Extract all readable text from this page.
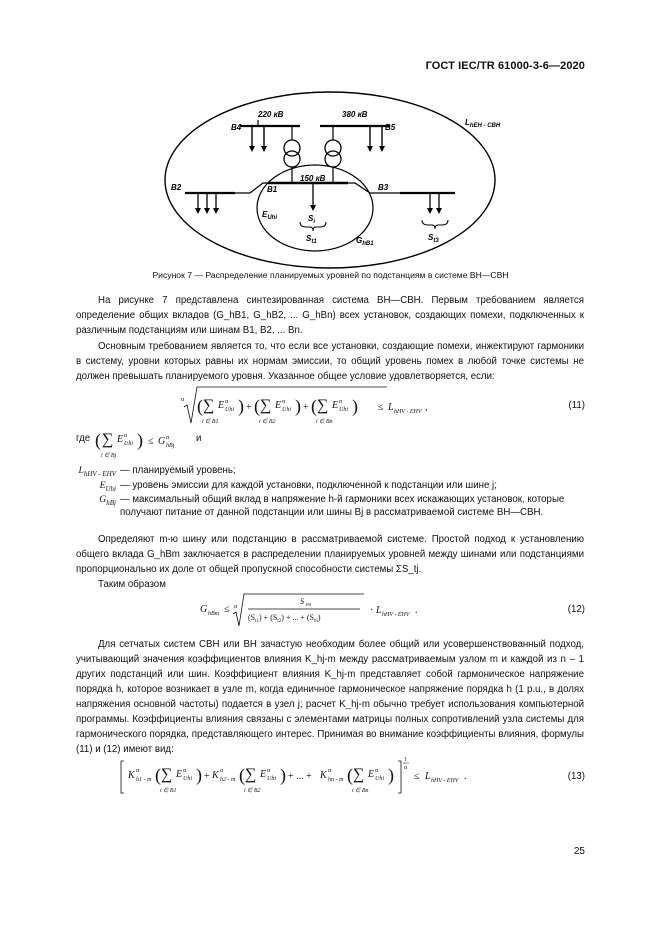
ГОСТ IEC/TR 61000-3-6—2020
220 кВ	380 кВ
B4	B5
B2	B1
150 кВ
B3
$L_{hEH - СВН}$
$E_{Uhi}$	$S_i$
$S_{t1}$	$G_{hB1}$
$S_{t3}$
Рисунок 7 — Распределение планируемых уровней по подстанциям в системе ВН—СВН
На рисунке 7 представлена синтезированная система ВН—СВН. Первым требованием является определение общих вкладов (G_hB1, G_hB2, ... G_hBn) всех установок, создающих помехи, подключенных к различным подстанциям или шинам B1, B2, ... Bn.
Основным требованием является то, что если все установки, создающие помехи, инжектируют гармоники в систему, уровни которых равны их нормам эмиссии, то общий уровень помех в любой точке системы не должен превышать планируемого уровня. Указанное общее условие удовлетворяется, если:
α ( ∑ E α
Uhi
i ∈ B1
) + ( ∑ E α
Uhi
i ∈ B2
) + ( ∑ E α
Uhi
i ∈ Bn
) ≤ L hHV - EHV ,	(11)
где ( ∑ E α
Uhi
i ∈ Bj
) ≤ G α
hBj
и
$L_{hHV - EHV}$ — планируемый уровень;
$E_{Uhi}$ — уровень эмиссии для каждой установки, подключенной к подстанции или шине j;
$G_{hBj}$ — максимальный общий вклад в напряжение h-й гармоники всех искажающих установок, которые получают питание от данной подстанции или шины Bj в рассматриваемой системе ВН—СВН.
Определяют m-ю шину или подстанцию в рассматриваемой системе. Простой подход к установлению общего вклада G_hBm заключается в распределении планируемых уровней между шинами или подстанциями пропорционально их доле от общей пропускной способности системы ΣS_tj.
Таким образом
G hBm ≤ α
S tm
$(S_{t1}) + (S_{t2})$ + ... + $(S_{tn})$
· L hHV - EHV .	(12)
Для сетчатых систем СВН или ВН зачастую необходим более общий или усовершенствованный подход, учитывающий значения коэффициентов влияния K_hj-m между рассматриваемым узлом m и каждой из n – 1 других подстанций или шин. Коэффициент влияния K_hj-m представляет собой гармоническое напряжение порядка h, которое возникает в узле m, когда единичное гармоническое напряжение порядка h (1 p.u., в долях напряжения основной частоты) подается в узел j; расчет K_hj-m обычно требует использования компьютерной программы. Коэффициенты влияния связаны с элементами матрицы полных сопротивлений узла системы для гармонического порядка, представляющего интерес. Принимая во внимание коэффициенты влияния, формулы (11) и (12) имеют вид:
K α
h1 - m ( ∑ E α
Uhi
i ∈ B1
) + K α
h2 - m ( ∑ E α
Uhi
i ∈ B2
) + ... + K α
hn - m ( ∑ E α
Uhi
i ∈ Bn
)
1
α
≤ L hHV - EHV .	(13)
25
